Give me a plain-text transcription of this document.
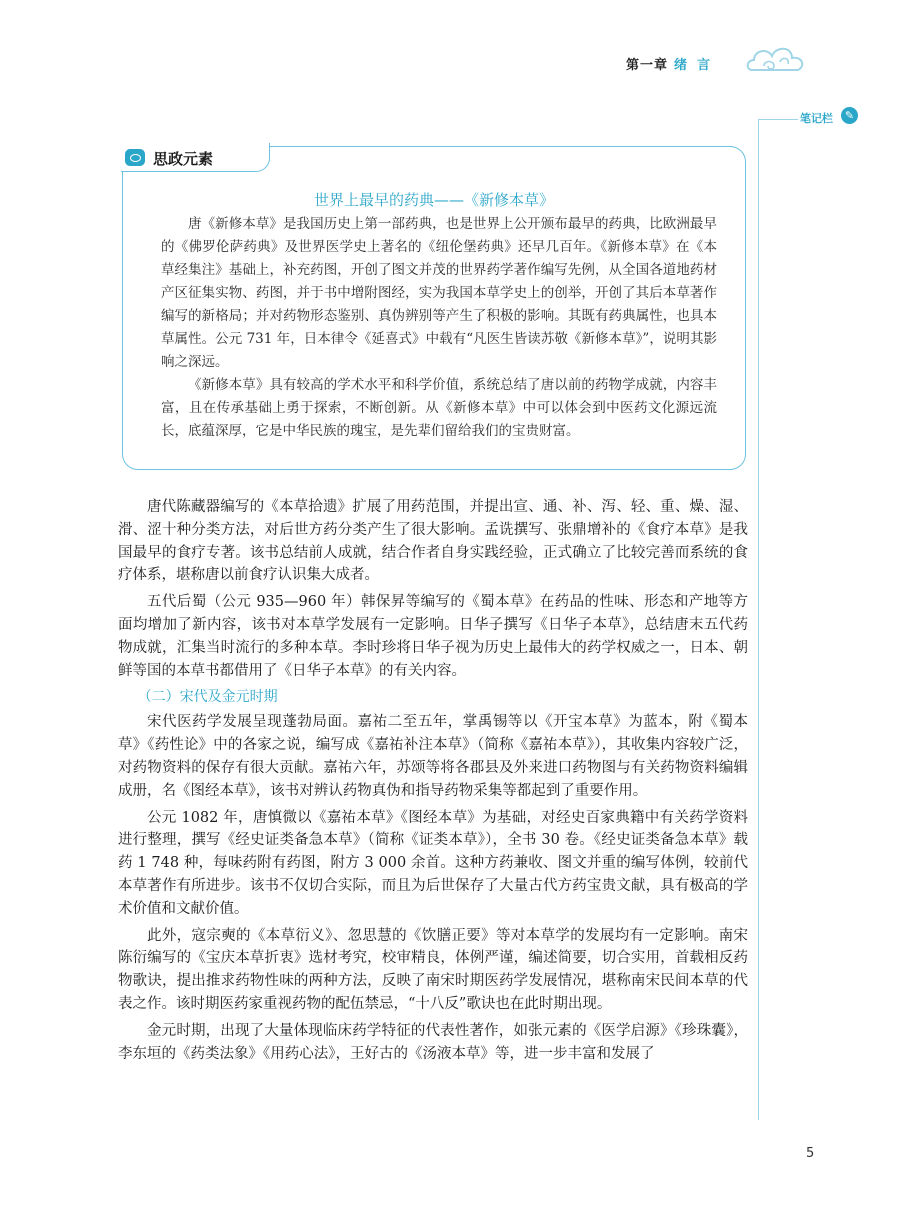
第一章 绪言
笔记栏	✎
思政元素
世界上最早的药典——《新修本草》

唐《新修本草》是我国历史上第一部药典，也是世界上公开颁布最早的药典，比欧洲最早的《佛罗伦萨药典》及世界医学史上著名的《纽伦堡药典》还早几百年。《新修本草》在《本草经集注》基础上，补充药图，开创了图文并茂的世界药学著作编写先例，从全国各道地药材产区征集实物、药图，并于书中增附图经，实为我国本草学史上的创举，开创了其后本草著作编写的新格局；并对药物形态鉴别、真伪辨别等产生了积极的影响。其既有药典属性，也具本草属性。公元 731 年，日本律令《延喜式》中载有“凡医生皆读苏敬《新修本草》”，说明其影响之深远。

《新修本草》具有较高的学术水平和科学价值，系统总结了唐以前的药物学成就，内容丰富，且在传承基础上勇于探索，不断创新。从《新修本草》中可以体会到中医药文化源远流长，底蕴深厚，它是中华民族的瑰宝，是先辈们留给我们的宝贵财富。

唐代陈藏器编写的《本草拾遗》扩展了用药范围，并提出宣、通、补、泻、轻、重、燥、湿、滑、涩十种分类方法，对后世方药分类产生了很大影响。孟诜撰写、张鼎增补的《食疗本草》是我国最早的食疗专著。该书总结前人成就，结合作者自身实践经验，正式确立了比较完善而系统的食疗体系，堪称唐以前食疗认识集大成者。

五代后蜀（公元 935—960 年）韩保昇等编写的《蜀本草》在药品的性味、形态和产地等方面均增加了新内容，该书对本草学发展有一定影响。日华子撰写《日华子本草》，总结唐末五代药物成就，汇集当时流行的多种本草。李时珍将日华子视为历史上最伟大的药学权威之一，日本、朝鲜等国的本草书都借用了《日华子本草》的有关内容。

（二）宋代及金元时期

宋代医药学发展呈现蓬勃局面。嘉祐二至五年，掌禹锡等以《开宝本草》为蓝本，附《蜀本草》《药性论》中的各家之说，编写成《嘉祐补注本草》（简称《嘉祐本草》），其收集内容较广泛，对药物资料的保存有很大贡献。嘉祐六年，苏颂等将各郡县及外来进口药物图与有关药物资料编辑成册，名《图经本草》，该书对辨认药物真伪和指导药物采集等都起到了重要作用。

公元 1082 年，唐慎微以《嘉祐本草》《图经本草》为基础，对经史百家典籍中有关药学资料进行整理，撰写《经史证类备急本草》（简称《证类本草》），全书 30 卷。《经史证类备急本草》载药 1 748 种，每味药附有药图，附方 3 000 余首。这种方药兼收、图文并重的编写体例，较前代本草著作有所进步。该书不仅切合实际，而且为后世保存了大量古代方药宝贵文献，具有极高的学术价值和文献价值。

此外，寇宗奭的《本草衍义》、忽思慧的《饮膳正要》等对本草学的发展均有一定影响。南宋陈衍编写的《宝庆本草折衷》选材考究，校审精良，体例严谨，编述简要，切合实用，首载相反药物歌诀，提出推求药物性味的两种方法，反映了南宋时期医药学发展情况，堪称南宋民间本草的代表之作。该时期医药家重视药物的配伍禁忌，“十八反”歌诀也在此时期出现。

金元时期，出现了大量体现临床药学特征的代表性著作，如张元素的《医学启源》《珍珠囊》，李东垣的《药类法象》《用药心法》，王好古的《汤液本草》等，进一步丰富和发展了

5
